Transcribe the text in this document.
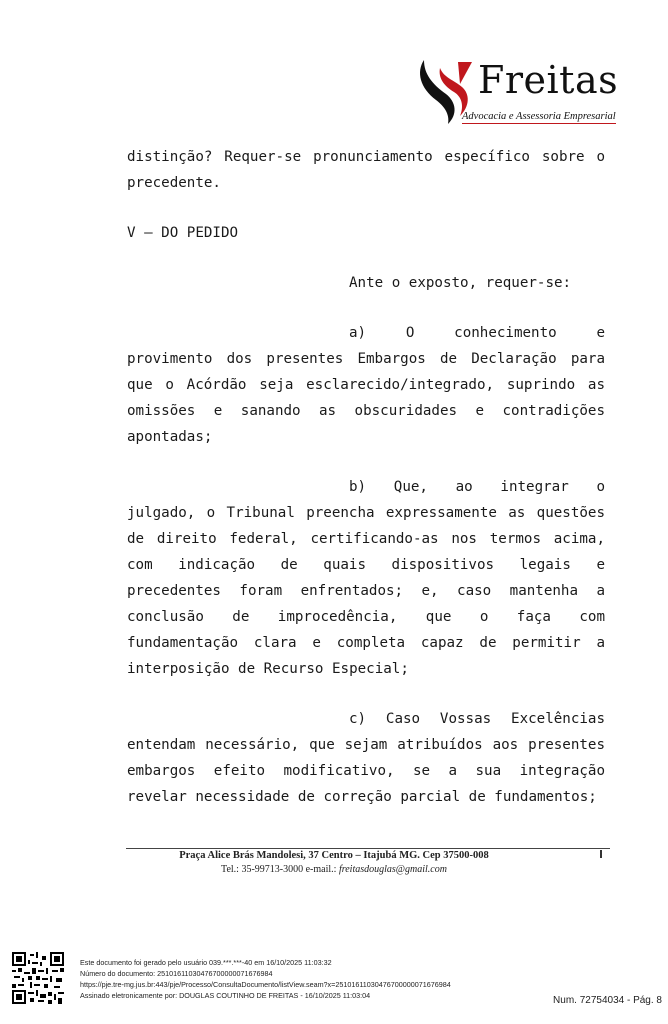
Freitas
Advocacia e Assessoria Empresarial

distinção? Requer-se pronunciamento específico sobre o precedente.

V — DO PEDIDO

Ante o exposto, requer-se:

a) O conhecimento e provimento dos presentes Embargos de Declaração para que o Acórdão seja esclarecido/integrado, suprindo as omissões e sanando as obscuridades e contradições apontadas;

b) Que, ao integrar o julgado, o Tribunal preencha expressamente as questões de direito federal, certificando-as nos termos acima, com indicação de quais dispositivos legais e precedentes foram enfrentados; e, caso mantenha a conclusão de improcedência, que o faça com fundamentação clara e completa capaz de permitir a interposição de Recurso Especial;

c) Caso Vossas Excelências entendam necessário, que sejam atribuídos aos presentes embargos efeito modificativo, se a sua integração revelar necessidade de correção parcial de fundamentos;

Praça Alice Brás Mandolesi, 37 Centro – Itajubá MG. Cep 37500-008
Tel.: 35-99713-3000 e-mail.: freitasdouglas@gmail.com
Este documento foi gerado pelo usuário 039.***.***-40 em 16/10/2025 11:03:32
Número do documento: 25101611030476700000071676984
https://pje.tre-mg.jus.br:443/pje/Processo/ConsultaDocumento/listView.seam?x=25101611030476700000071676984
Assinado eletronicamente por: DOUGLAS COUTINHO DE FREITAS - 16/10/2025 11:03:04	Num. 72754034 - Pág. 8
